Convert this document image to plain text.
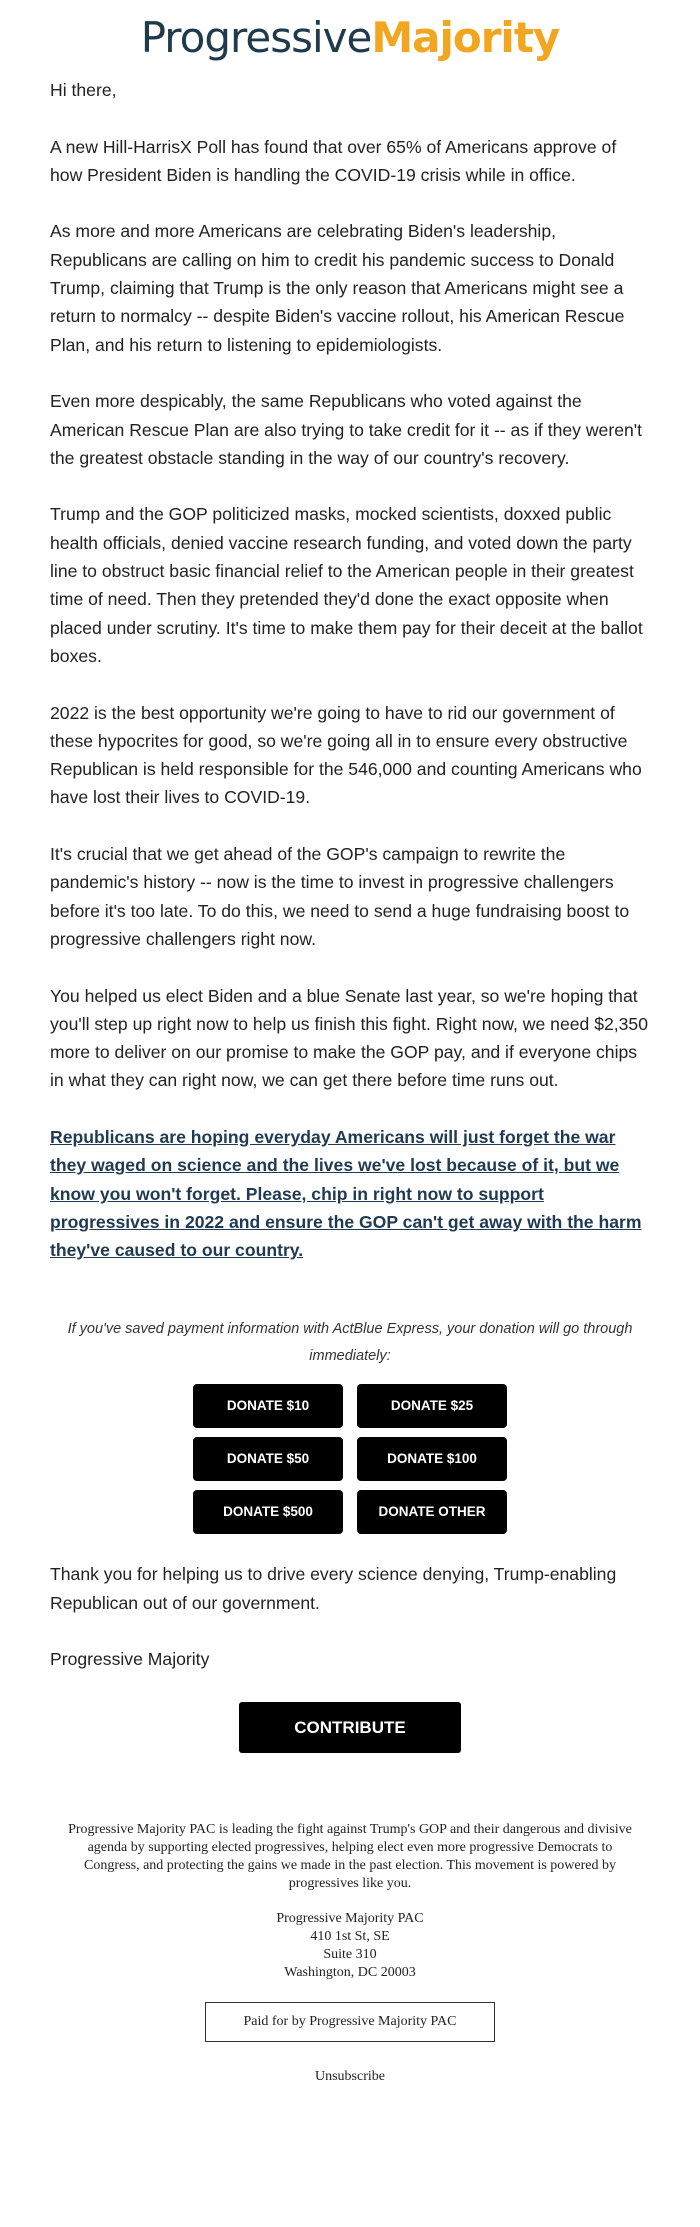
ProgressiveMajority

Hi there,

A new Hill-HarrisX Poll has found that over 65% of Americans approve of how President Biden is handling the COVID-19 crisis while in office.

As more and more Americans are celebrating Biden's leadership, Republicans are calling on him to credit his pandemic success to Donald Trump, claiming that Trump is the only reason that Americans might see a return to normalcy -- despite Biden's vaccine rollout, his American Rescue Plan, and his return to listening to epidemiologists.

Even more despicably, the same Republicans who voted against the American Rescue Plan are also trying to take credit for it -- as if they weren't the greatest obstacle standing in the way of our country's recovery.

Trump and the GOP politicized masks, mocked scientists, doxxed public health officials, denied vaccine research funding, and voted down the party line to obstruct basic financial relief to the American people in their greatest time of need. Then they pretended they'd done the exact opposite when placed under scrutiny. It's time to make them pay for their deceit at the ballot boxes.

2022 is the best opportunity we're going to have to rid our government of these hypocrites for good, so we're going all in to ensure every obstructive Republican is held responsible for the 546,000 and counting Americans who have lost their lives to COVID-19.

It's crucial that we get ahead of the GOP's campaign to rewrite the pandemic's history -- now is the time to invest in progressive challengers before it's too late. To do this, we need to send a huge fundraising boost to progressive challengers right now.

You helped us elect Biden and a blue Senate last year, so we're hoping that you'll step up right now to help us finish this fight. Right now, we need $2,350 more to deliver on our promise to make the GOP pay, and if everyone chips in what they can right now, we can get there before time runs out.

Republicans are hoping everyday Americans will just forget the war they waged on science and the lives we've lost because of it, but we know you won't forget. Please, chip in right now to support progressives in 2022 and ensure the GOP can't get away with the harm they've caused to our country.

If you've saved payment information with ActBlue Express, your donation will go through immediately:
DONATE $10	DONATE $25
DONATE $50	DONATE $100
DONATE $500	DONATE OTHER

Thank you for helping us to drive every science denying, Trump-enabling Republican out of our government.

Progressive Majority

CONTRIBUTE

Progressive Majority PAC is leading the fight against Trump's GOP and their dangerous and divisive agenda by supporting elected progressives, helping elect even more progressive Democrats to Congress, and protecting the gains we made in the past election. This movement is powered by progressives like you.

Progressive Majority PAC
410 1st St, SE
Suite 310
Washington, DC 20003
Paid for by Progressive Majority PAC
Unsubscribe
